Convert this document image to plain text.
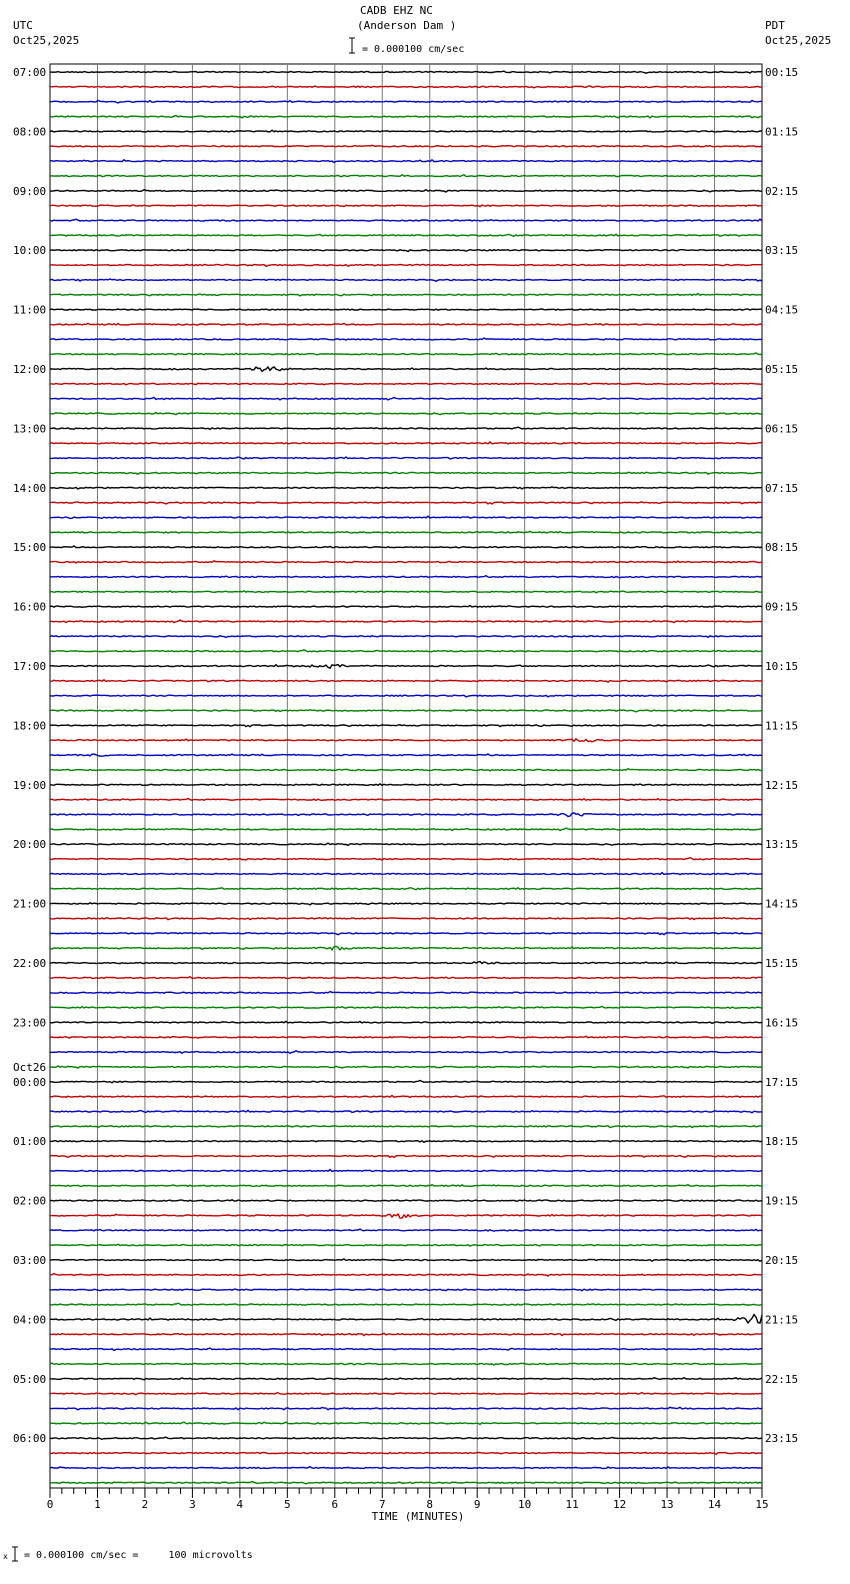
CADB EHZ NC
(Anderson Dam )
= 0.000100 cm/sec
UTC
Oct25,2025
PDT
Oct25,2025
07:00
08:00
09:00
10:00
11:00
12:00
13:00
14:00
15:00
16:00
17:00
18:00
19:00
20:00
21:00
22:00
23:00
00:00
01:00
02:00
03:00
04:00
05:00
06:00
Oct26
00:15
01:15
02:15
03:15
04:15
05:15
06:15
07:15
08:15
09:15
10:15
11:15
12:15
13:15
14:15
15:15
16:15
17:15
18:15
19:15
20:15
21:15
22:15
23:15
0	1	2	3	4	5	6	7	8	9	10	11	12	13	14	15
TIME (MINUTES)
x = 0.000100 cm/sec =     100 microvolts
